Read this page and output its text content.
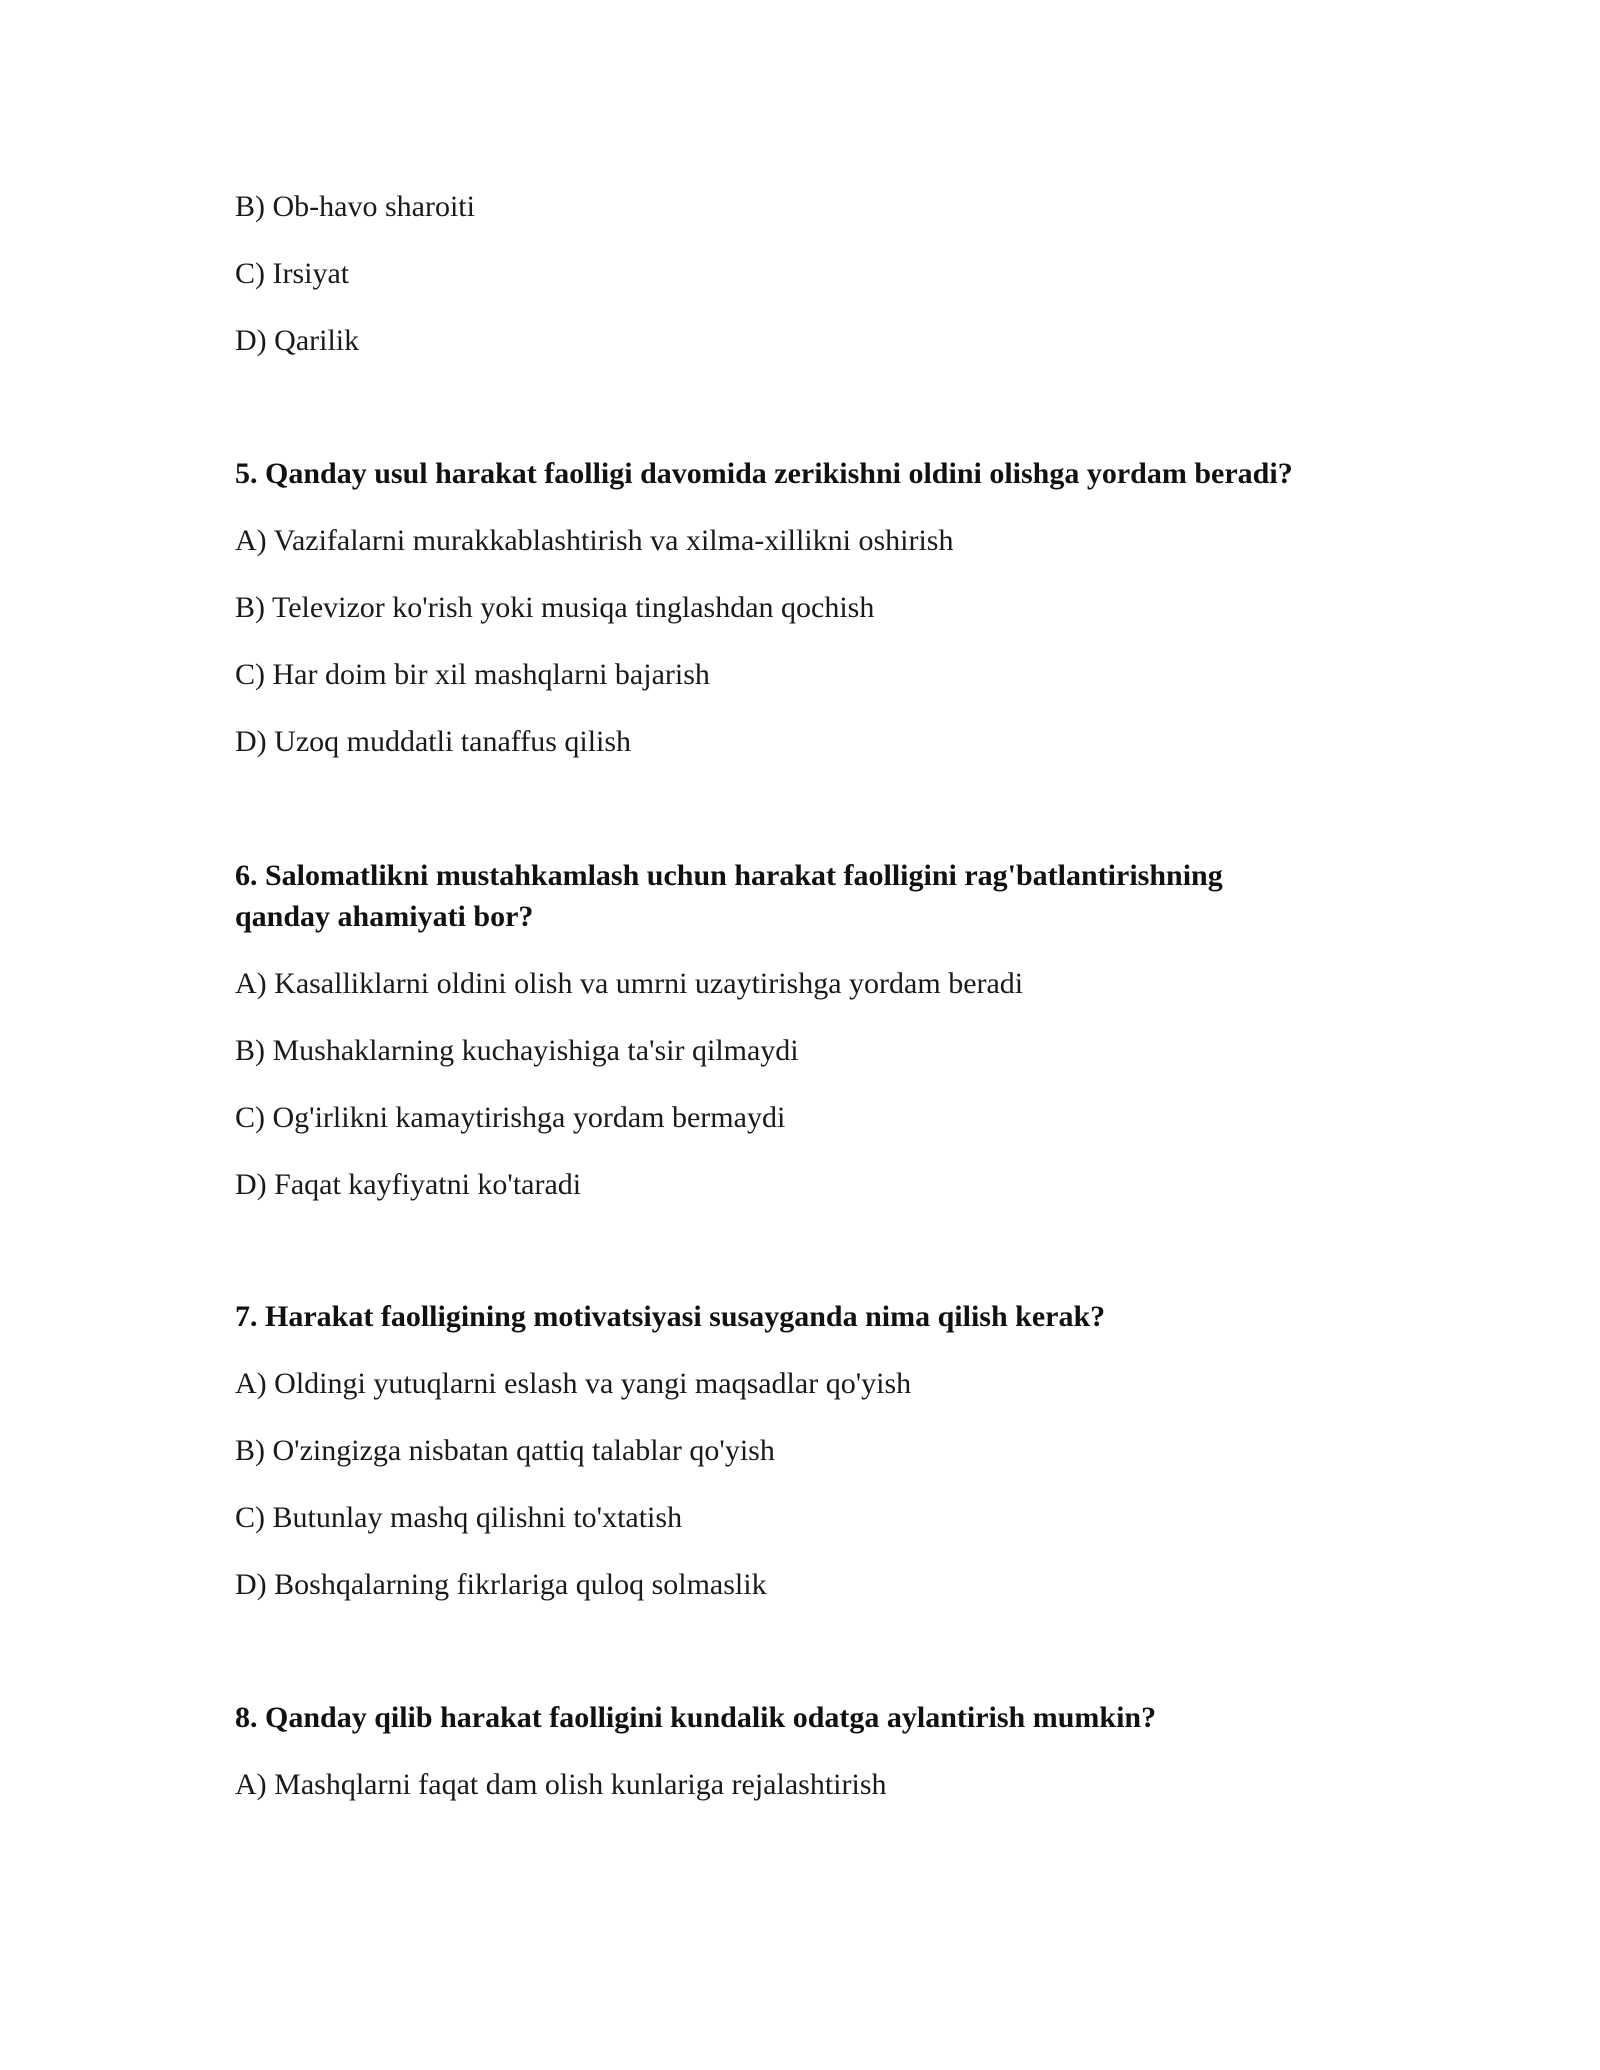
B) Ob-havo sharoiti

C) Irsiyat

D) Qarilik

5. Qanday usul harakat faolligi davomida zerikishni oldini olishga yordam beradi?

A) Vazifalarni murakkablashtirish va xilma-xillikni oshirish

B) Televizor ko'rish yoki musiqa tinglashdan qochish

C) Har doim bir xil mashqlarni bajarish

D) Uzoq muddatli tanaffus qilish

6. Salomatlikni mustahkamlash uchun harakat faolligini rag'batlantirishning

qanday ahamiyati bor?

A) Kasalliklarni oldini olish va umrni uzaytirishga yordam beradi

B) Mushaklarning kuchayishiga ta'sir qilmaydi

C) Og'irlikni kamaytirishga yordam bermaydi

D) Faqat kayfiyatni ko'taradi

7. Harakat faolligining motivatsiyasi susayganda nima qilish kerak?

A) Oldingi yutuqlarni eslash va yangi maqsadlar qo'yish

B) O'zingizga nisbatan qattiq talablar qo'yish

C) Butunlay mashq qilishni to'xtatish

D) Boshqalarning fikrlariga quloq solmaslik

8. Qanday qilib harakat faolligini kundalik odatga aylantirish mumkin?

A) Mashqlarni faqat dam olish kunlariga rejalashtirish
